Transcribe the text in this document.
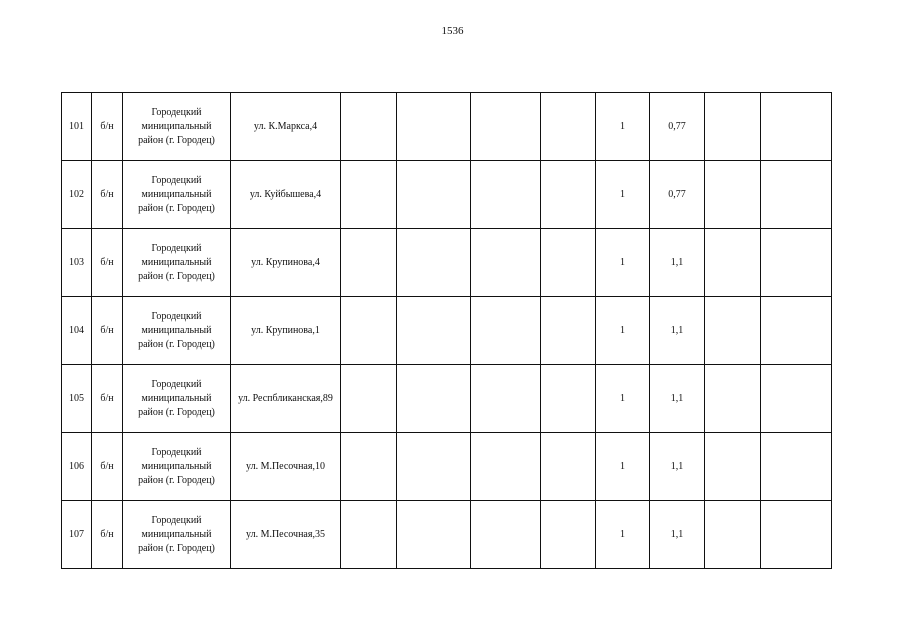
1536
101	б/н	Городецкий
миниципальный
район (г. Городец)	ул. К.Маркса,4					1	0,77		
102	б/н	Городецкий
миниципальный
район (г. Городец)	ул. Куйбышева,4					1	0,77		
103	б/н	Городецкий
миниципальный
район (г. Городец)	ул. Крупинова,4					1	1,1		
104	б/н	Городецкий
миниципальный
район (г. Городец)	ул. Крупинова,1					1	1,1		
105	б/н	Городецкий
миниципальный
район (г. Городец)	ул. Респбликанская,89					1	1,1		
106	б/н	Городецкий
миниципальный
район (г. Городец)	ул. М.Песочная,10					1	1,1		
107	б/н	Городецкий
миниципальный
район (г. Городец)	ул. М.Песочная,35					1	1,1		
